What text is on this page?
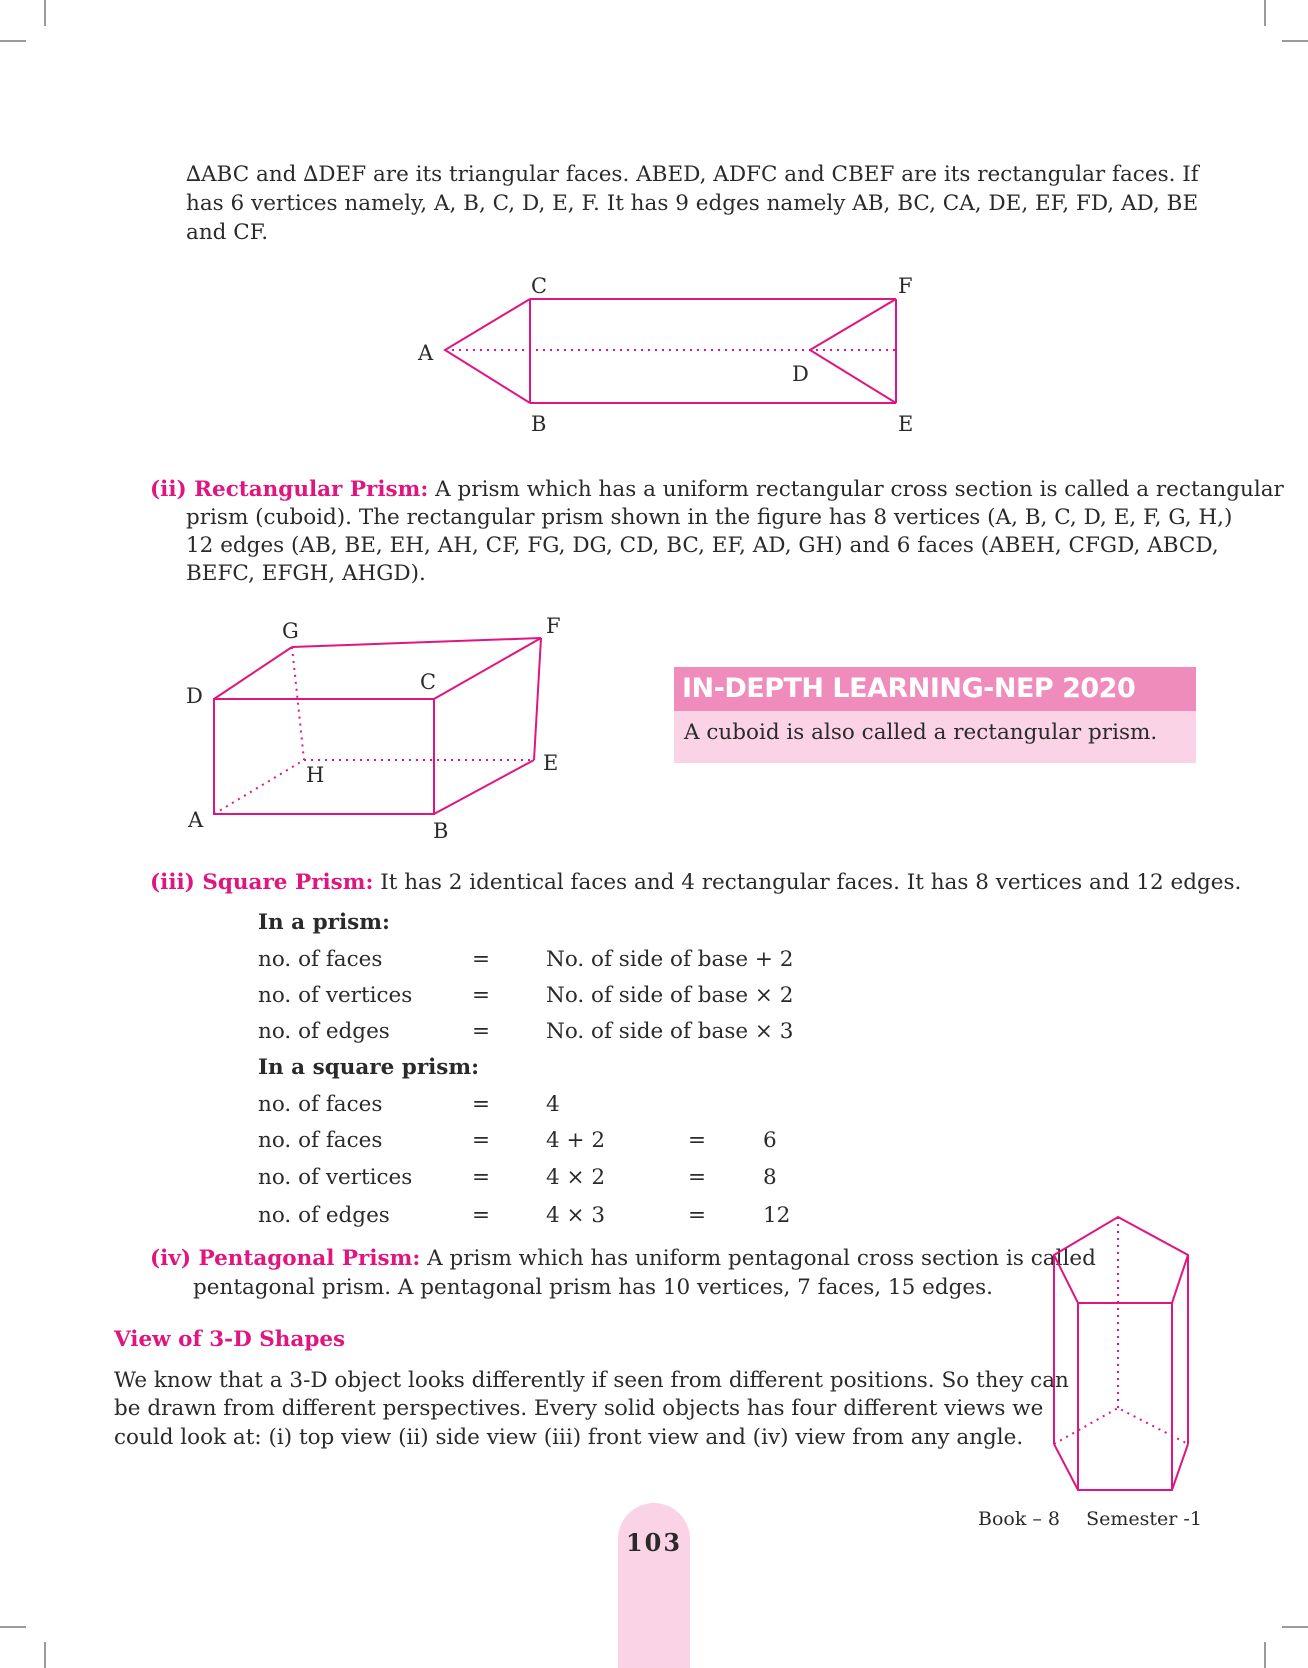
∆ABC and ∆DEF are its triangular faces. ABED, ADFC and CBEF are its rectangular faces. If

has 6 vertices namely, A, B, C, D, E, F. It has 9 edges namely AB, BC, CA, DE, EF, FD, AD, BE

and CF.

A
B
C
D
E
F

(ii) Rectangular Prism: A prism which has a uniform rectangular cross section is called a rectangular

prism (cuboid). The rectangular prism shown in the figure has 8 vertices (A, B, C, D, E, F, G, H,)

12 edges (AB, BE, EH, AH, CF, FG, DG, CD, BC, EF, AD, GH) and 6 faces (ABEH, CFGD, ABCD,

BEFC, EFGH, AHGD).

G	F
D
C
H	E
A	B
IN-DEPTH LEARNING-NEP 2020
A cuboid is also called a rectangular prism.

(iii) Square Prism: It has 2 identical faces and 4 rectangular faces. It has 8 vertices and 12 edges.

In a prism:
no. of faces	=	No. of side of base + 2
no. of vertices	=	No. of side of base × 2
no. of edges	=	No. of side of base × 3
In a square prism:
no. of faces	=	4
no. of faces	=	4 + 2	=	6
no. of vertices	=	4 × 2	=	8
no. of edges	=	4 × 3	=	12

(iv) Pentagonal Prism: A prism which has uniform pentagonal cross section is called

pentagonal prism. A pentagonal prism has 10 vertices, 7 faces, 15 edges.

View of 3-D Shapes

We know that a 3-D object looks differently if seen from different positions. So they can

be drawn from different perspectives. Every solid objects has four different views we

could look at: (i) top view (ii) side view (iii) front view and (iv) view from any angle.

Book – 8 Semester -1
103
